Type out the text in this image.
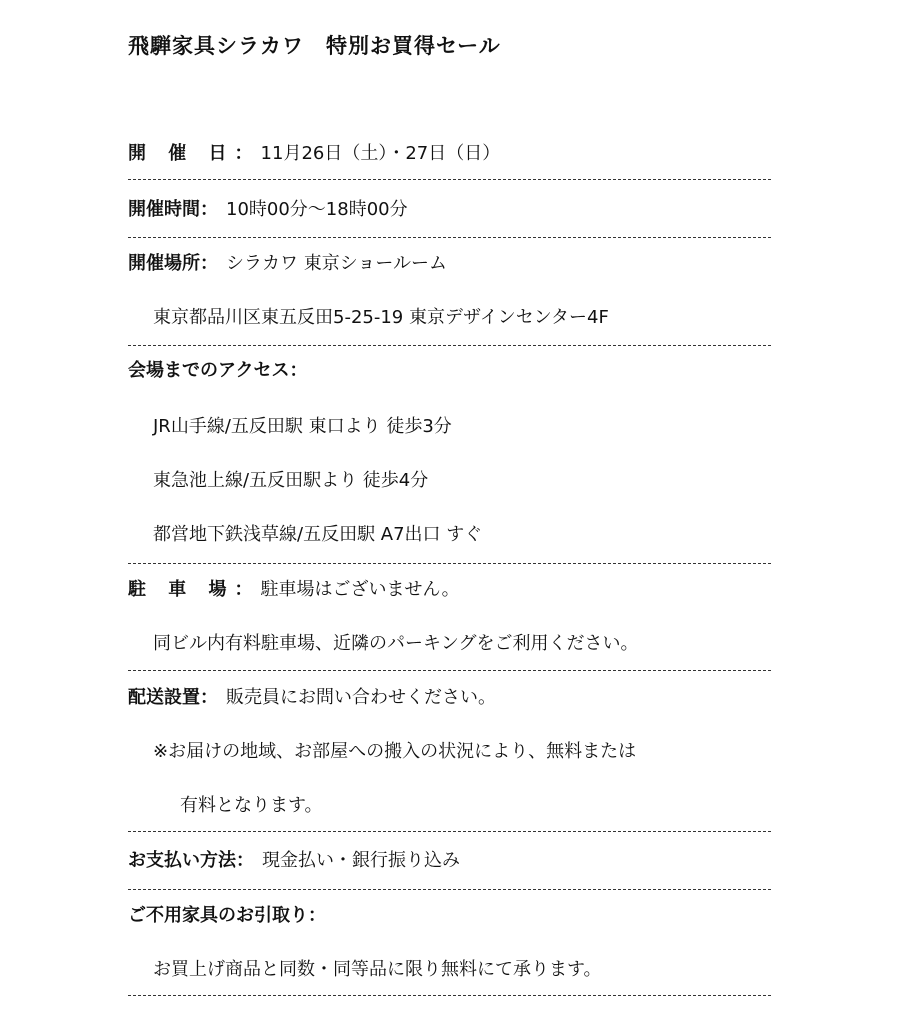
飛騨家具シラカワ　特別お買得セール
開 催 日： 11月26日（土）・27日（日）
開催時間： 10時00分～18時00分
開催場所： シラカワ 東京ショールーム
東京都品川区東五反田5-25-19 東京デザインセンター4F
会場までのアクセス：
JR山手線/五反田駅 東口より 徒歩3分
東急池上線/五反田駅より 徒歩4分
都営地下鉄浅草線/五反田駅 A7出口 すぐ
駐 車 場： 駐車場はございません。
同ビル内有料駐車場、近隣のパーキングをご利用ください。
配送設置： 販売員にお問い合わせください。
※お届けの地域、お部屋への搬入の状況により、無料または
有料となります。
お支払い方法： 現金払い・銀行振り込み
ご不用家具のお引取り：
お買上げ商品と同数・同等品に限り無料にて承ります。
